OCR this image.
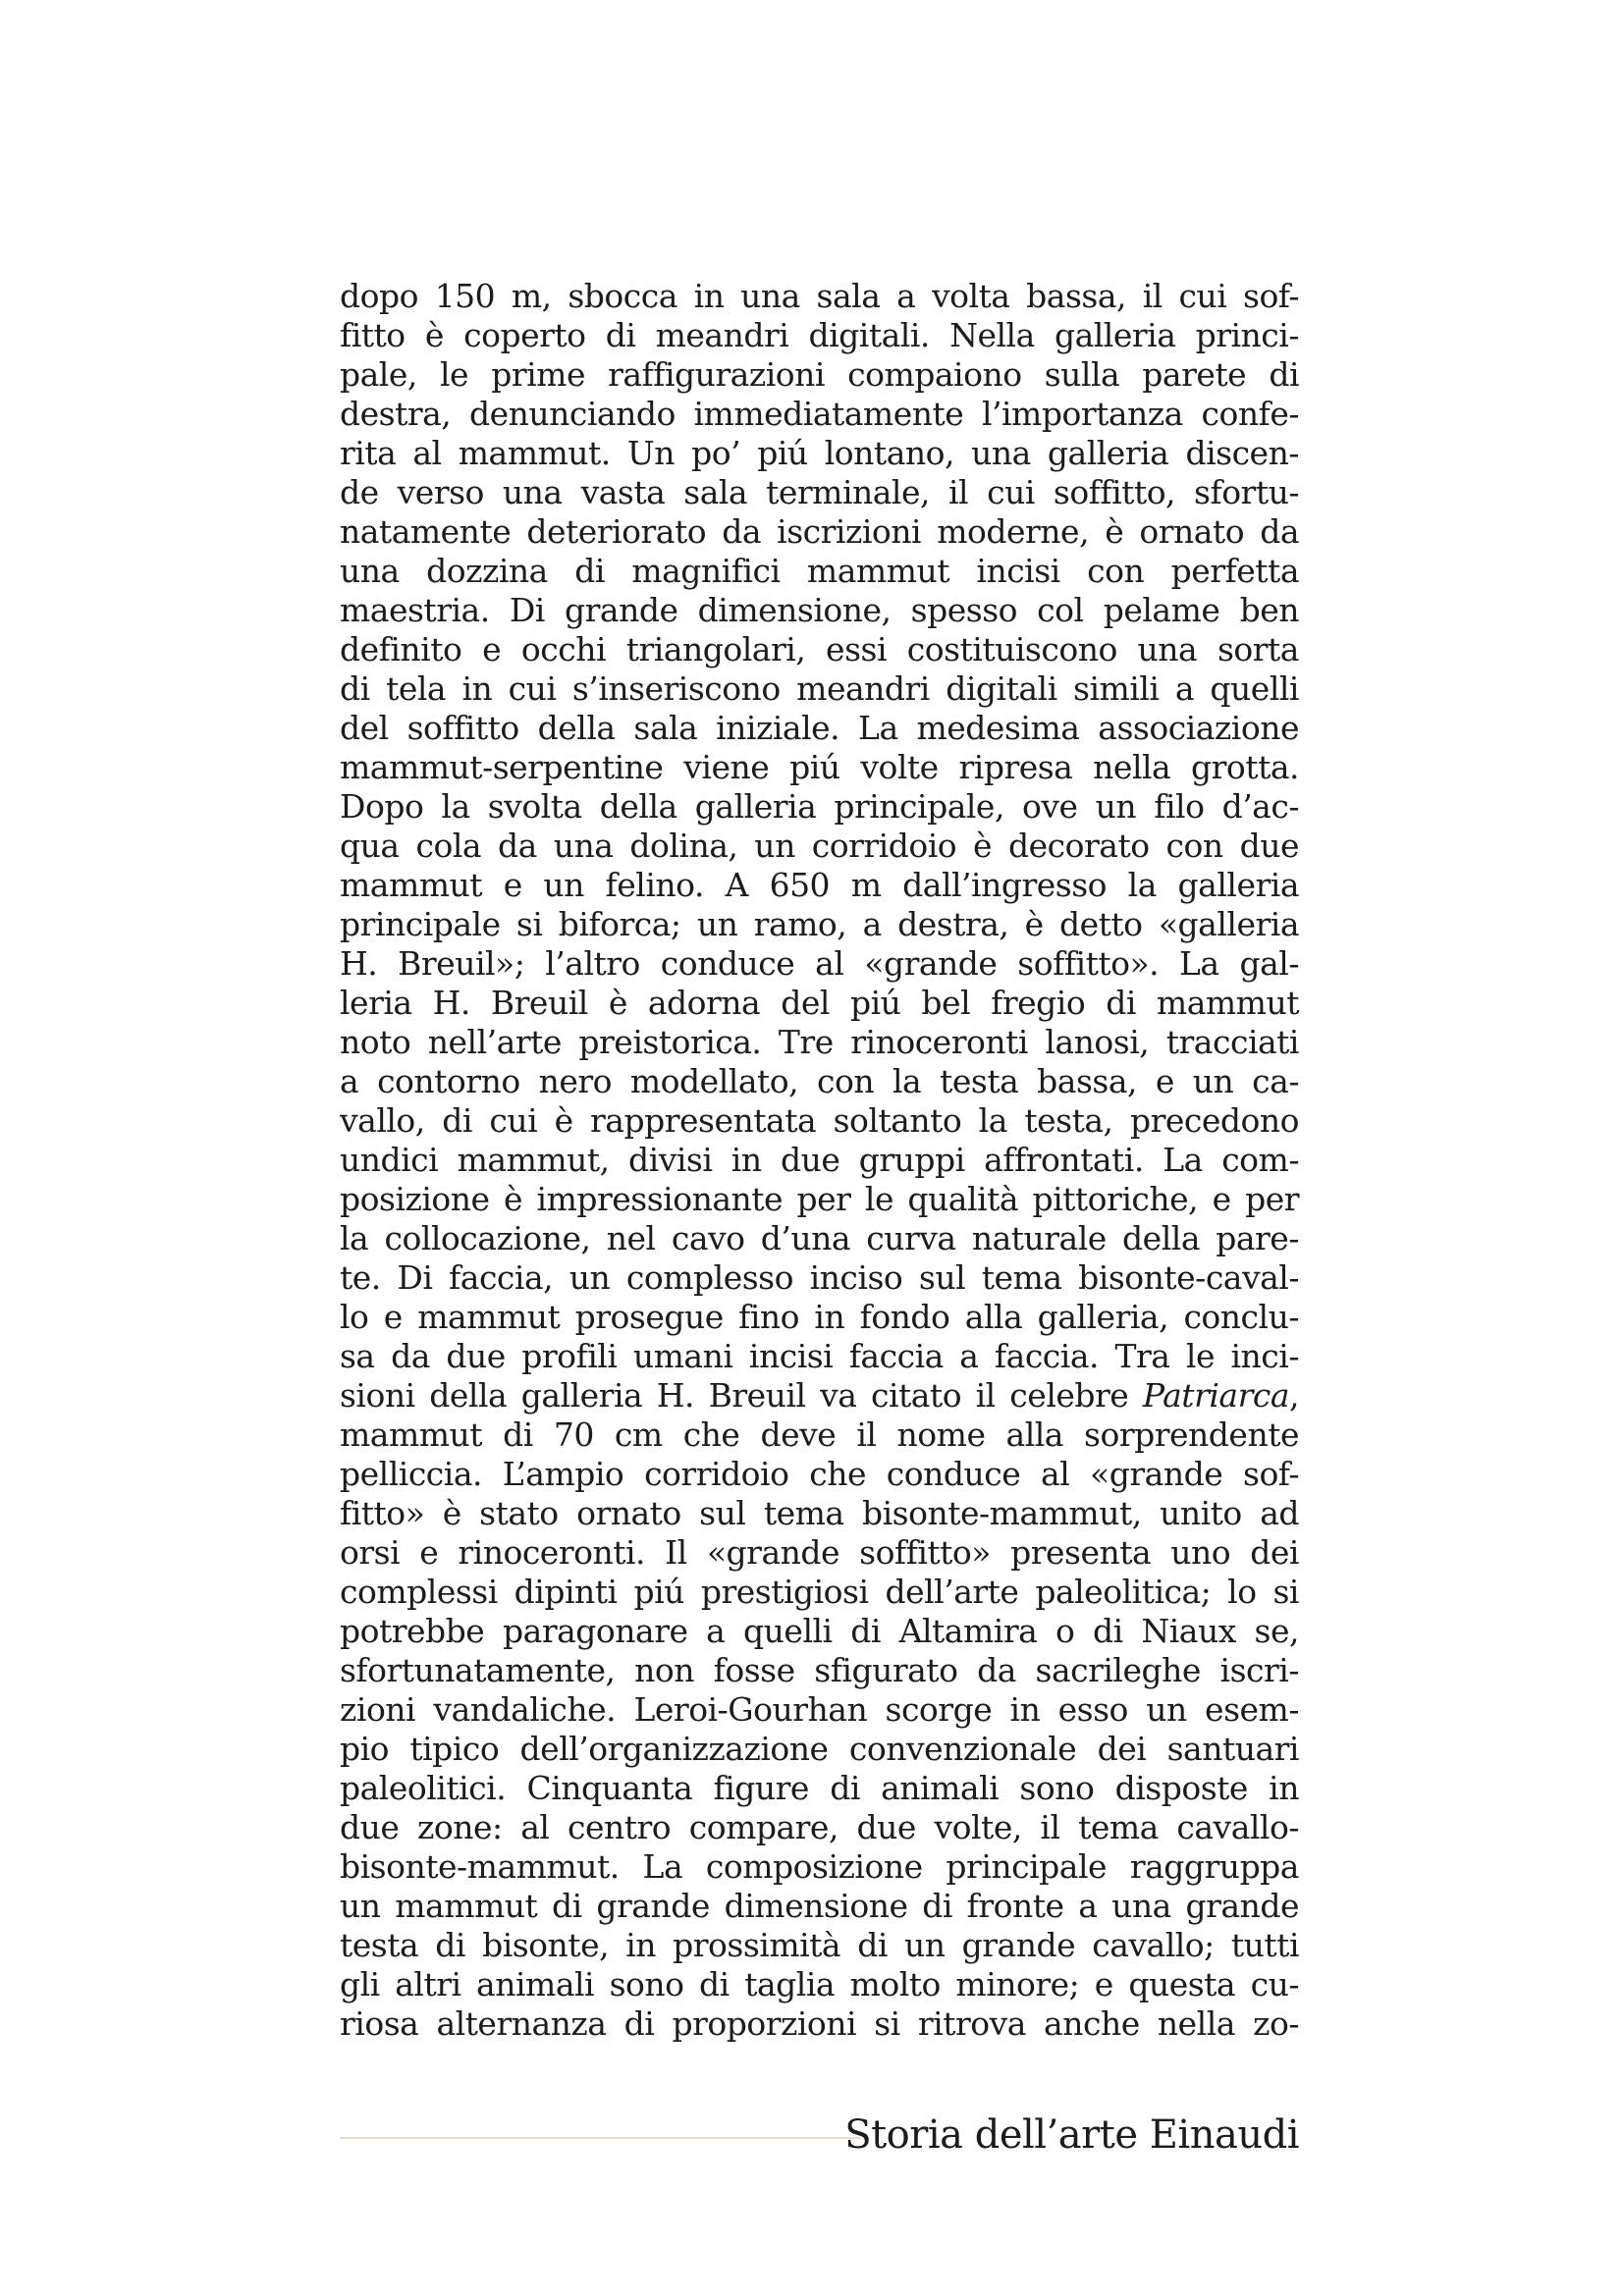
dopo 150 m, sbocca in una sala a volta bassa, il cui sof-
fitto è coperto di meandri digitali. Nella galleria princi-
pale, le prime raffigurazioni compaiono sulla parete di
destra, denunciando immediatamente l’importanza confe-
rita al mammut. Un po’ piú lontano, una galleria discen-
de verso una vasta sala terminale, il cui soffitto, sfortu-
natamente deteriorato da iscrizioni moderne, è ornato da
una dozzina di magnifici mammut incisi con perfetta
maestria. Di grande dimensione, spesso col pelame ben
definito e occhi triangolari, essi costituiscono una sorta
di tela in cui s’inseriscono meandri digitali simili a quelli
del soffitto della sala iniziale. La medesima associazione
mammut-serpentine viene piú volte ripresa nella grotta.
Dopo la svolta della galleria principale, ove un filo d’ac-
qua cola da una dolina, un corridoio è decorato con due
mammut e un felino. A 650 m dall’ingresso la galleria
principale si biforca; un ramo, a destra, è detto «galleria
H. Breuil»; l’altro conduce al «grande soffitto». La gal-
leria H. Breuil è adorna del piú bel fregio di mammut
noto nell’arte preistorica. Tre rinoceronti lanosi, tracciati
a contorno nero modellato, con la testa bassa, e un ca-
vallo, di cui è rappresentata soltanto la testa, precedono
undici mammut, divisi in due gruppi affrontati. La com-
posizione è impressionante per le qualità pittoriche, e per
la collocazione, nel cavo d’una curva naturale della pare-
te. Di faccia, un complesso inciso sul tema bisonte-caval-
lo e mammut prosegue fino in fondo alla galleria, conclu-
sa da due profili umani incisi faccia a faccia. Tra le inci-
sioni della galleria H. Breuil va citato il celebre Patriarca,
mammut di 70 cm che deve il nome alla sorprendente
pelliccia. L’ampio corridoio che conduce al «grande sof-
fitto» è stato ornato sul tema bisonte-mammut, unito ad
orsi e rinoceronti. Il «grande soffitto» presenta uno dei
complessi dipinti piú prestigiosi dell’arte paleolitica; lo si
potrebbe paragonare a quelli di Altamira o di Niaux se,
sfortunatamente, non fosse sfigurato da sacrileghe iscri-
zioni vandaliche. Leroi-Gourhan scorge in esso un esem-
pio tipico dell’organizzazione convenzionale dei santuari
paleolitici. Cinquanta figure di animali sono disposte in
due zone: al centro compare, due volte, il tema cavallo-
bisonte-mammut. La composizione principale raggruppa
un mammut di grande dimensione di fronte a una grande
testa di bisonte, in prossimità di un grande cavallo; tutti
gli altri animali sono di taglia molto minore; e questa cu-
riosa alternanza di proporzioni si ritrova anche nella zo-
Storia dell’arte Einaudi
